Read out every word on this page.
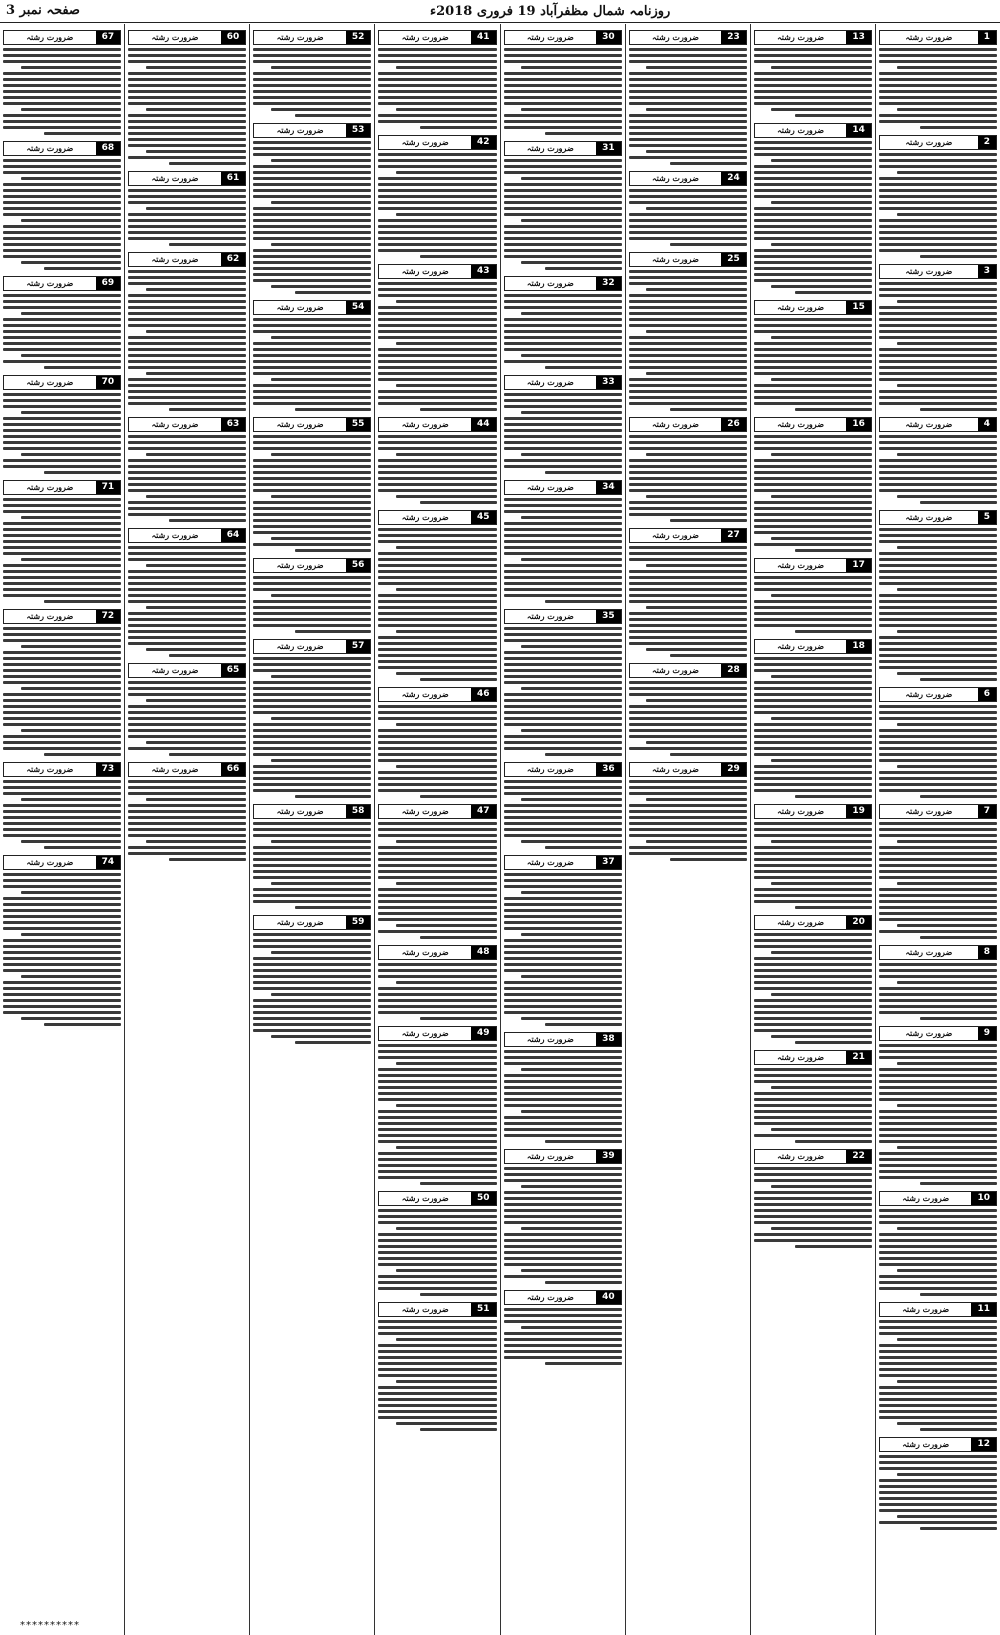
روزنامہ شمال مظفرآباد 19 فروری 2018ء
صفحہ نمبر 3
1
ضرورت رشتہ
2
ضرورت رشتہ
3
ضرورت رشتہ
4
ضرورت رشتہ
5
ضرورت رشتہ
6
ضرورت رشتہ
7
ضرورت رشتہ
8
ضرورت رشتہ
9
ضرورت رشتہ
10
ضرورت رشتہ
11
ضرورت رشتہ
12
ضرورت رشتہ
13
ضرورت رشتہ
14
ضرورت رشتہ
15
ضرورت رشتہ
16
ضرورت رشتہ
17
ضرورت رشتہ
18
ضرورت رشتہ
19
ضرورت رشتہ
20
ضرورت رشتہ
21
ضرورت رشتہ
22
ضرورت رشتہ
23
ضرورت رشتہ
24
ضرورت رشتہ
25
ضرورت رشتہ
26
ضرورت رشتہ
27
ضرورت رشتہ
28
ضرورت رشتہ
29
ضرورت رشتہ
30
ضرورت رشتہ
31
ضرورت رشتہ
32
ضرورت رشتہ
33
ضرورت رشتہ
34
ضرورت رشتہ
35
ضرورت رشتہ
36
ضرورت رشتہ
37
ضرورت رشتہ
38
ضرورت رشتہ
39
ضرورت رشتہ
40
ضرورت رشتہ
41
ضرورت رشتہ
42
ضرورت رشتہ
43
ضرورت رشتہ
44
ضرورت رشتہ
45
ضرورت رشتہ
46
ضرورت رشتہ
47
ضرورت رشتہ
48
ضرورت رشتہ
49
ضرورت رشتہ
50
ضرورت رشتہ
51
ضرورت رشتہ
52
ضرورت رشتہ
53
ضرورت رشتہ
54
ضرورت رشتہ
55
ضرورت رشتہ
56
ضرورت رشتہ
57
ضرورت رشتہ
58
ضرورت رشتہ
59
ضرورت رشتہ
60
ضرورت رشتہ
61
ضرورت رشتہ
62
ضرورت رشتہ
63
ضرورت رشتہ
64
ضرورت رشتہ
65
ضرورت رشتہ
66
ضرورت رشتہ
67
ضرورت رشتہ
68
ضرورت رشتہ
69
ضرورت رشتہ
70
ضرورت رشتہ
71
ضرورت رشتہ
72
ضرورت رشتہ
73
ضرورت رشتہ
74
ضرورت رشتہ
**********
